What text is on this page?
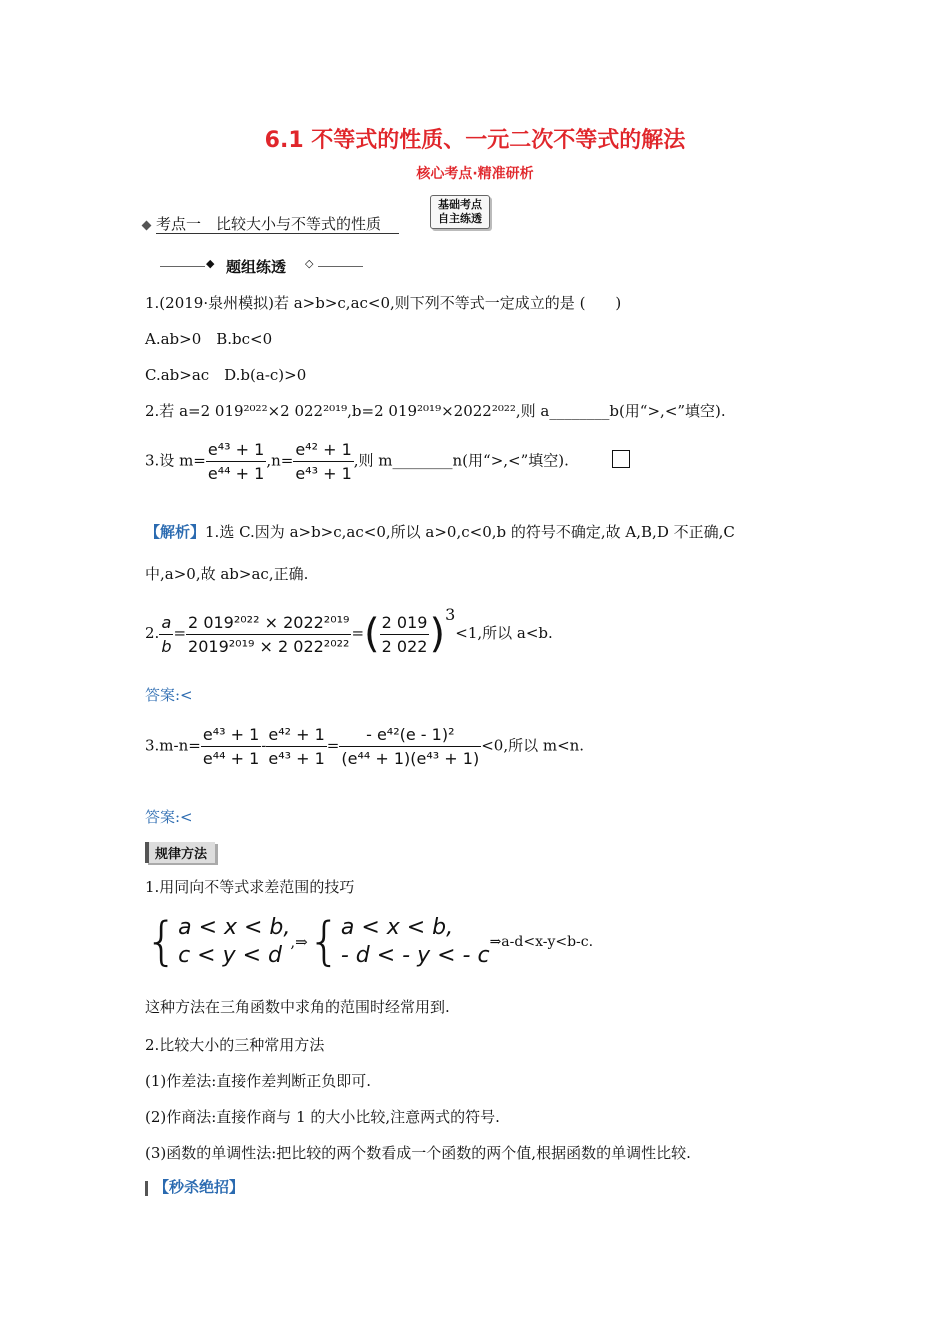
6.1 不等式的性质、一元二次不等式的解法
核心考点·精准研析
考点一　 比较大小与不等式的性质
基础考点
自主练透
◆ 题组练透 ◇
1.(2019·泉州模拟)若 a>b>c,ac<0,则下列不等式一定成立的是 (　　)
A.ab>0　B.bc<0
C.ab>ac　D.b(a-c)>0
2.若 a=2 019²⁰²²×2 022²⁰¹⁹,b=2 019²⁰¹⁹×2022²⁰²²,则 a________b(用“>,<”填空).
3.设 $m= \frac{\text{e⁴³ + 1}}{\text{e⁴⁴ + 1}} ,n= \frac{\text{e⁴² + 1}}{\text{e⁴³ + 1}}$ ,则 m________n(用“>,<”填空).
【解析】1.选 C.因为 a>b>c,ac<0,所以 a>0,c<0,b 的符号不确定,故 A,B,D 不正确,C
中,a>0,故 ab>ac,正确.
2. $\frac{a}{b} = \frac{\text{2 019²⁰²² × 2022²⁰¹⁹}}{\text{2019²⁰¹⁹ × 2 022²⁰²²}}$ =( $\frac{2 019}{2 022} )3<1$,所以 a<b.
答案:<
$3.m-n= \frac{\text{e⁴³ + 1}}{\text{e⁴⁴ + 1}} - \frac{\text{e⁴² + 1}}{\text{e⁴³ + 1}} = \frac{\text{- e⁴²(e - 1)²}}{\text{(e⁴⁴ + 1)(e⁴³ + 1)}} <0$,所以 m<n.
答案:<
规律方法
1.用同向不等式求差范围的技巧
{ a < x < b,
c < y < d
,⇒{ a < x < b,
- d < - y < - c
⇒a-d<x-y<b-c.
这种方法在三角函数中求角的范围时经常用到.
2.比较大小的三种常用方法
(1)作差法:直接作差判断正负即可.
(2)作商法:直接作商与 1 的大小比较,注意两式的符号.
(3)函数的单调性法:把比较的两个数看成一个函数的两个值,根据函数的单调性比较.
【秒杀绝招】
